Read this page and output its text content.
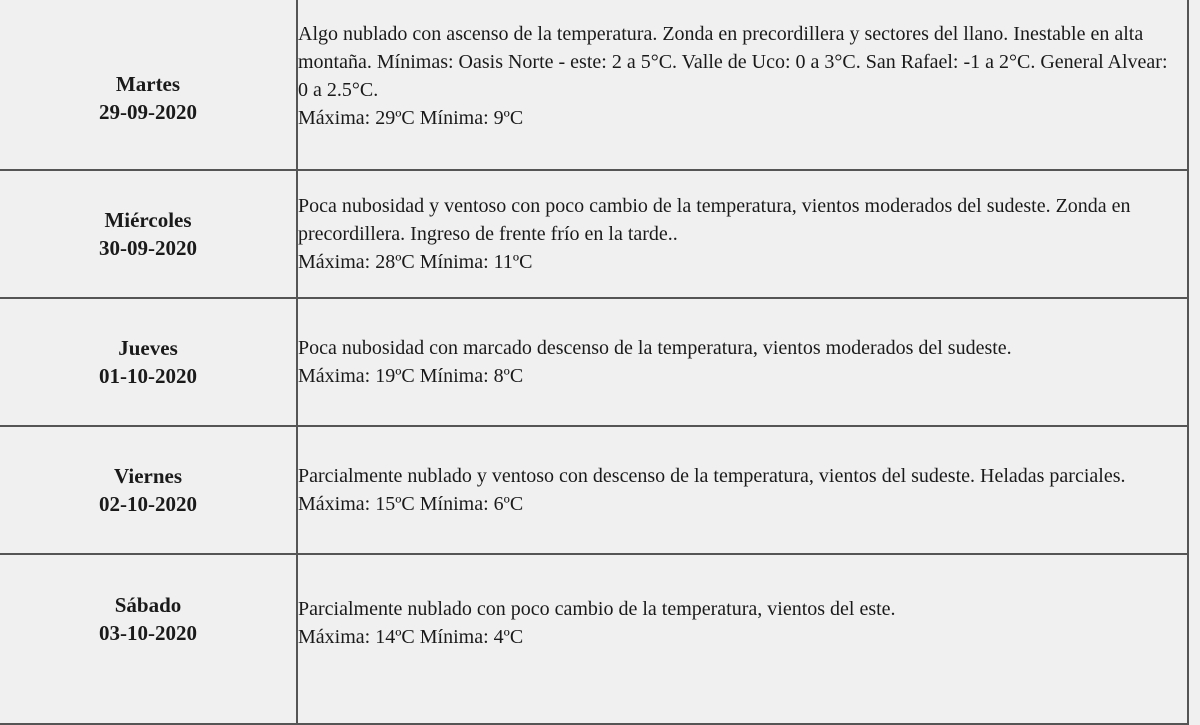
Martes
29-09-2020	Algo nublado con ascenso de la temperatura. Zonda en precordillera y sectores del llano. Inestable en alta montaña. Mínimas: Oasis Norte - este: 2 a 5°C. Valle de Uco: 0 a 3°C. San Rafael: -1 a 2°C. General Alvear: 0 a 2.5°C.
Máxima: 29ºC Mínima: 9ºC

Miércoles
30-09-2020	Poca nubosidad y ventoso con poco cambio de la temperatura, vientos moderados del sudeste. Zonda en precordillera. Ingreso de frente frío en la tarde..
Máxima: 28ºC Mínima: 11ºC

Jueves
01-10-2020	Poca nubosidad con marcado descenso de la temperatura, vientos moderados del sudeste.
Máxima: 19ºC Mínima: 8ºC

Viernes
02-10-2020	Parcialmente nublado y ventoso con descenso de la temperatura, vientos del sudeste. Heladas parciales.
Máxima: 15ºC Mínima: 6ºC

Sábado
03-10-2020	Parcialmente nublado con poco cambio de la temperatura, vientos del este.
Máxima: 14ºC Mínima: 4ºC
